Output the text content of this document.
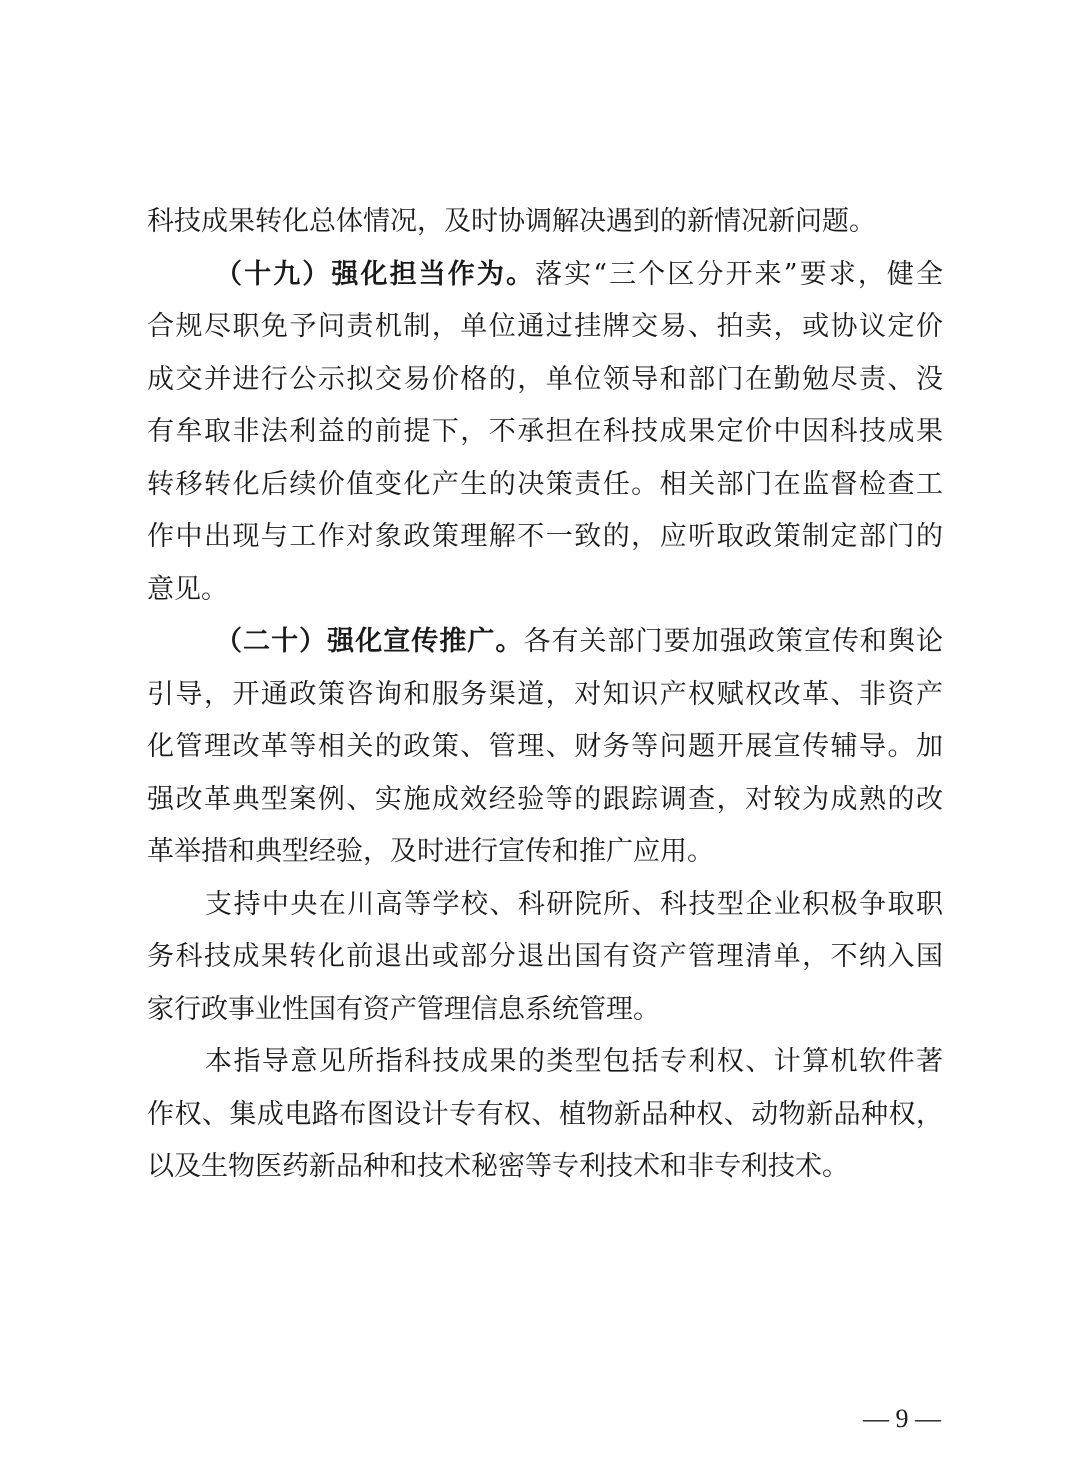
科技成果转化总体情况，及时协调解决遇到的新情况新问题。
（十九）强化担当作为。落实“三个区分开来”要求，健全
合规尽职免予问责机制，单位通过挂牌交易、拍卖，或协议定价
成交并进行公示拟交易价格的，单位领导和部门在勤勉尽责、没
有牟取非法利益的前提下，不承担在科技成果定价中因科技成果
转移转化后续价值变化产生的决策责任。相关部门在监督检查工
作中出现与工作对象政策理解不一致的，应听取政策制定部门的
意见。
（二十）强化宣传推广。各有关部门要加强政策宣传和舆论
引导，开通政策咨询和服务渠道，对知识产权赋权改革、非资产
化管理改革等相关的政策、管理、财务等问题开展宣传辅导。加
强改革典型案例、实施成效经验等的跟踪调查，对较为成熟的改
革举措和典型经验，及时进行宣传和推广应用。
支持中央在川高等学校、科研院所、科技型企业积极争取职
务科技成果转化前退出或部分退出国有资产管理清单，不纳入国
家行政事业性国有资产管理信息系统管理。
本指导意见所指科技成果的类型包括专利权、计算机软件著
作权、集成电路布图设计专有权、植物新品种权、动物新品种权，
以及生物医药新品种和技术秘密等专利技术和非专利技术。
— 9 —
